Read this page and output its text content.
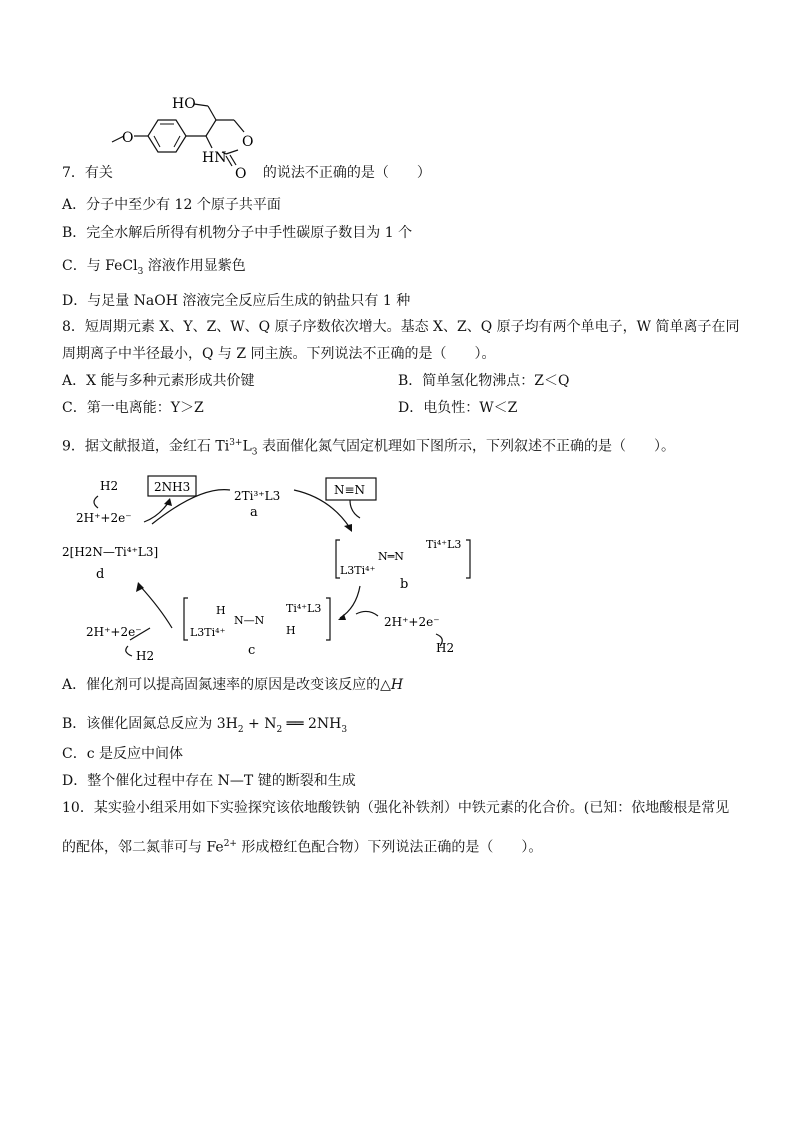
O
HO
O
HN
O
7．有关	的说法不正确的是（　　）
A．分子中至少有 12 个原子共平面
B．完全水解后所得有机物分子中手性碳原子数目为 1 个
C．与 FeCl$_3$ 溶液作用显紫色
D．与足量 NaOH 溶液完全反应后生成的钠盐只有 1 种
8．短周期元素 X、Y、Z、W、Q 原子序数依次增大。基态 X、Z、Q 原子均有两个单电子，W 简单离子在同
周期离子中半径最小，Q 与 Z 同主族。下列说法不正确的是（　　）。
A．X 能与多种元素形成共价键	B．简单氢化物沸点：Z＜Q
C．第一电离能：Y＞Z	D．电负性：W＜Z
9．据文献报道，金红石 $Ti^{3+}L_3$ 表面催化氮气固定机理如下图所示，下列叙述不正确的是（　　）。
H2
2H⁺+2e⁻
2NH3
2Ti³⁺L3
a
N≡N
L3Ti⁴⁺
N═N
Ti⁴⁺L3
b
2H⁺+2e⁻
H2
H
N—N
H
L3Ti⁴⁺
Ti⁴⁺L3
c
2H⁺+2e⁻
H2
2[H2N—Ti⁴⁺L3]
d
A．催化剂可以提高固氮速率的原因是改变该反应的△H
B．该催化固氮总反应为 $3H_2 + N_2$ ══ $2NH_3$
C．c 是反应中间体
D．整个催化过程中存在 N—T 键的断裂和生成
10．某实验小组采用如下实验探究该依地酸铁钠（强化补铁剂）中铁元素的化合价。(已知：依地酸根是常见
的配体，邻二氮菲可与 $Fe^{2+}$ 形成橙红色配合物）下列说法正确的是（　　）。
